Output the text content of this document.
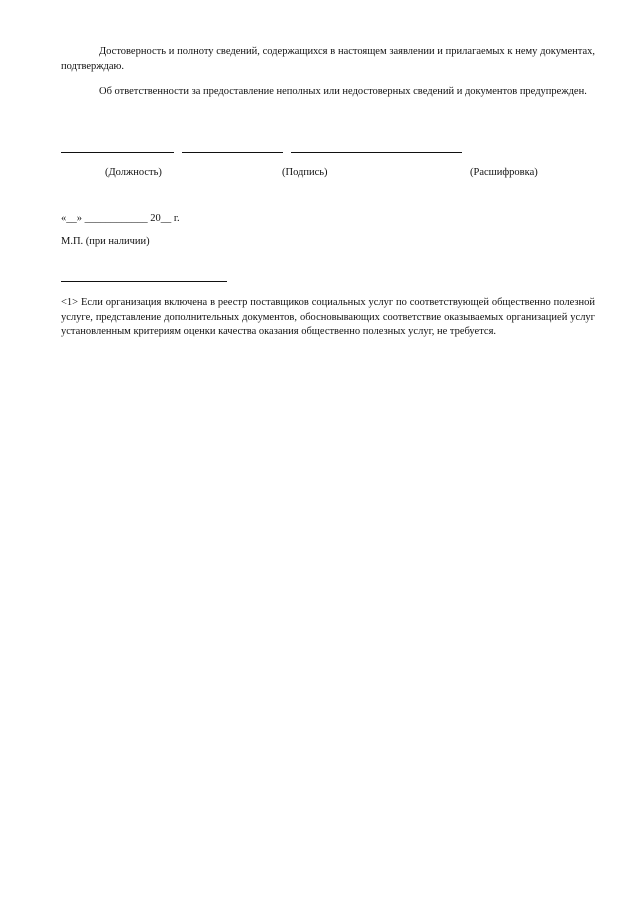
Достоверность и полноту сведений, содержащихся в настоящем заявлении и прилагаемых к нему документах, подтверждаю.

Об ответственности за предоставление неполных или недостоверных сведений и документов предупрежден.

(Должность)	(Подпись)	(Расшифровка)
«__» ____________ 20__ г.
М.П. (при наличии)

<1> Если организация включена в реестр поставщиков социальных услуг по соответствующей общественно полезной услуге, представление дополнительных документов, обосновывающих соответствие оказываемых организацией услуг установленным критериям оценки качества оказания общественно полезных услуг, не требуется.
